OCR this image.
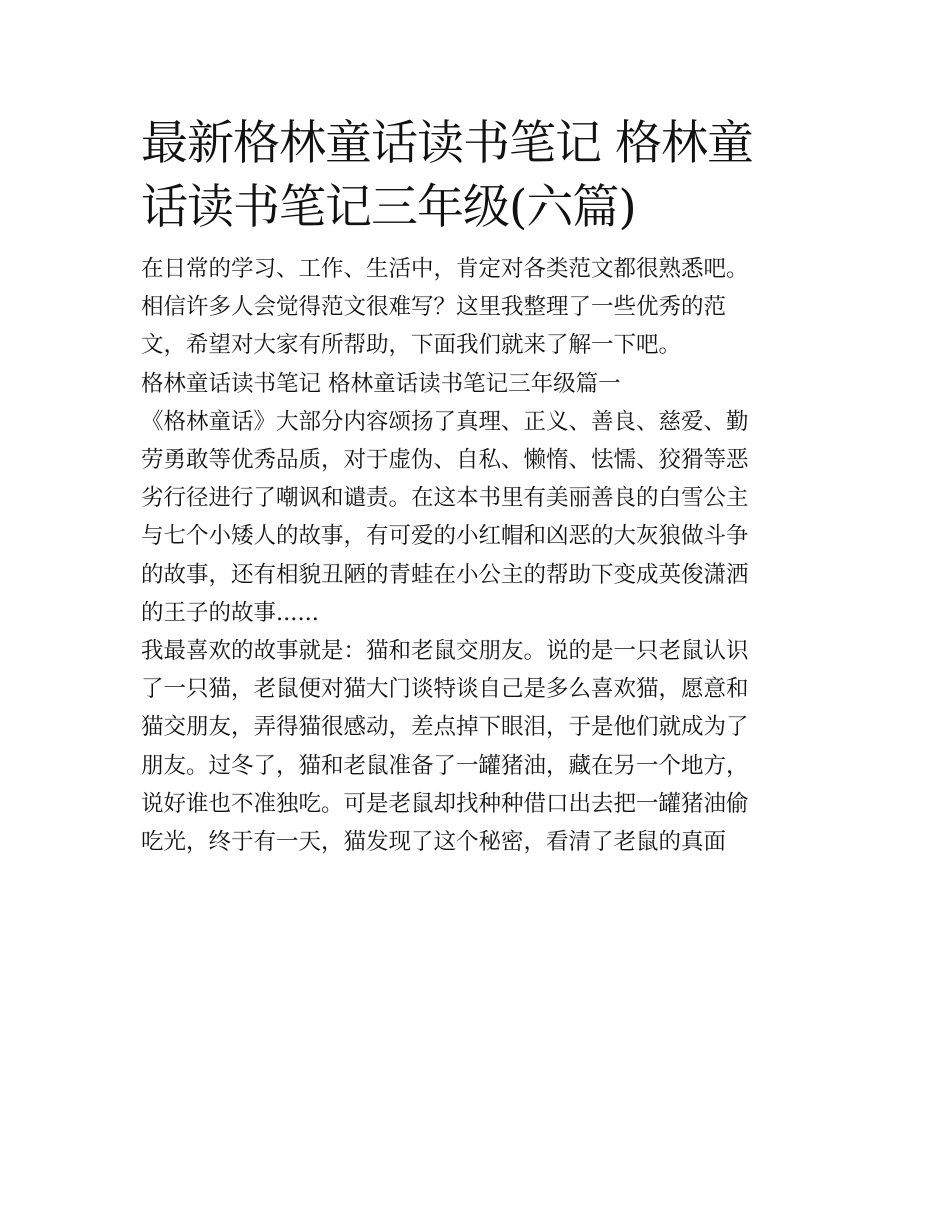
最新格林童话读书笔记 格林童
话读书笔记三年级(六篇)

在日常的学习、工作、生活中，肯定对各类范文都很熟悉吧。
相信许多人会觉得范文很难写？这里我整理了一些优秀的范
文，希望对大家有所帮助，下面我们就来了解一下吧。

格林童话读书笔记 格林童话读书笔记三年级篇一

《格林童话》大部分内容颂扬了真理、正义、善良、慈爱、勤
劳勇敢等优秀品质，对于虚伪、自私、懒惰、怯懦、狡猾等恶
劣行径进行了嘲讽和谴责。在这本书里有美丽善良的白雪公主
与七个小矮人的故事，有可爱的小红帽和凶恶的大灰狼做斗争
的故事，还有相貌丑陋的青蛙在小公主的帮助下变成英俊潇洒
的王子的故事......

我最喜欢的故事就是：猫和老鼠交朋友。说的是一只老鼠认识
了一只猫，老鼠便对猫大门谈特谈自己是多么喜欢猫，愿意和
猫交朋友，弄得猫很感动，差点掉下眼泪，于是他们就成为了
朋友。过冬了，猫和老鼠准备了一罐猪油，藏在另一个地方，
说好谁也不准独吃。可是老鼠却找种种借口出去把一罐猪油偷
吃光，终于有一天，猫发现了这个秘密，看清了老鼠的真面
